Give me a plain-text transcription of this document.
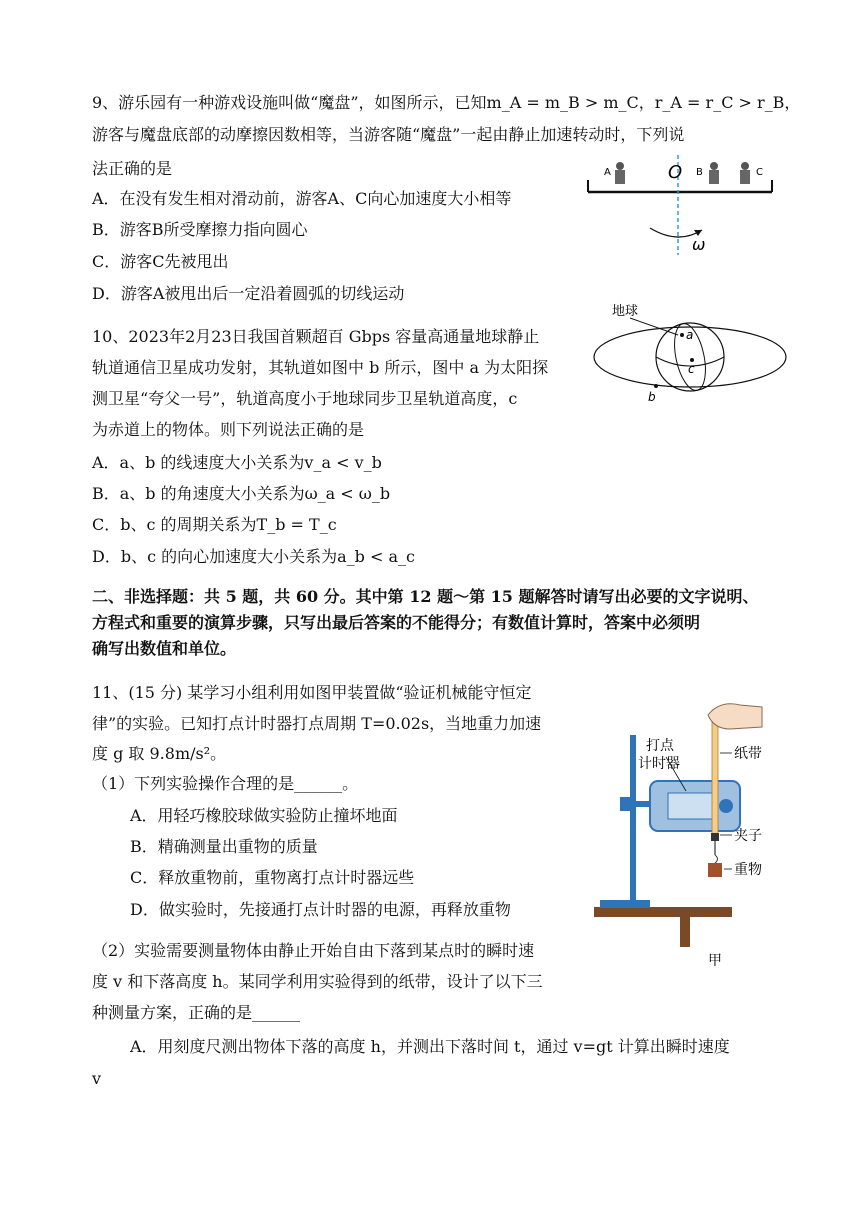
9、游乐园有一种游戏设施叫做“魔盘”，如图所示，已知m_A = m_B > m_C，r_A = r_C > r_B，
游客与魔盘底部的动摩擦因数相等，当游客随“魔盘”一起由静止加速转动时，下列说
法正确的是
A．在没有发生相对滑动前，游客A、C向心加速度大小相等
B．游客B所受摩擦力指向圆心
C．游客C先被甩出
D．游客A被甩出后一定沿着圆弧的切线运动
A	O B	C
ω
10、2023年2月23日我国首颗超百 Gbps 容量高通量地球静止
轨道通信卫星成功发射，其轨道如图中 b 所示，图中 a 为太阳探
测卫星“夸父一号”，轨道高度小于地球同步卫星轨道高度，c
为赤道上的物体。则下列说法正确的是
A．a、b 的线速度大小关系为v_a < v_b
B．a、b 的角速度大小关系为ω_a < ω_b
C．b、c 的周期关系为T_b = T_c
D．b、c 的向心加速度大小关系为a_b < a_c
地球
a
c
b
二、非选择题：共 5 题，共 60 分。其中第 12 题～第 15 题解答时请写出必要的文字说明、
方程式和重要的演算步骤，只写出最后答案的不能得分；有数值计算时，答案中必须明
确写出数值和单位。
11、(15 分) 某学习小组利用如图甲装置做“验证机械能守恒定
律”的实验。已知打点计时器打点周期 T=0.02s，当地重力加速
度 g 取 9.8m/s²。
（1）下列实验操作合理的是______。
A．用轻巧橡胶球做实验防止撞坏地面
B．精确测量出重物的质量
C．释放重物前，重物离打点计时器远些
D．做实验时，先接通打点计时器的电源，再释放重物
（2）实验需要测量物体由静止开始自由下落到某点时的瞬时速
度 v 和下落高度 h。某同学利用实验得到的纸带，设计了以下三
种测量方案，正确的是______
A．用刻度尺测出物体下落的高度 h，并测出下落时间 t，通过 v=gt 计算出瞬时速度
v
打点
计时器
纸带
夹子
重物
甲
